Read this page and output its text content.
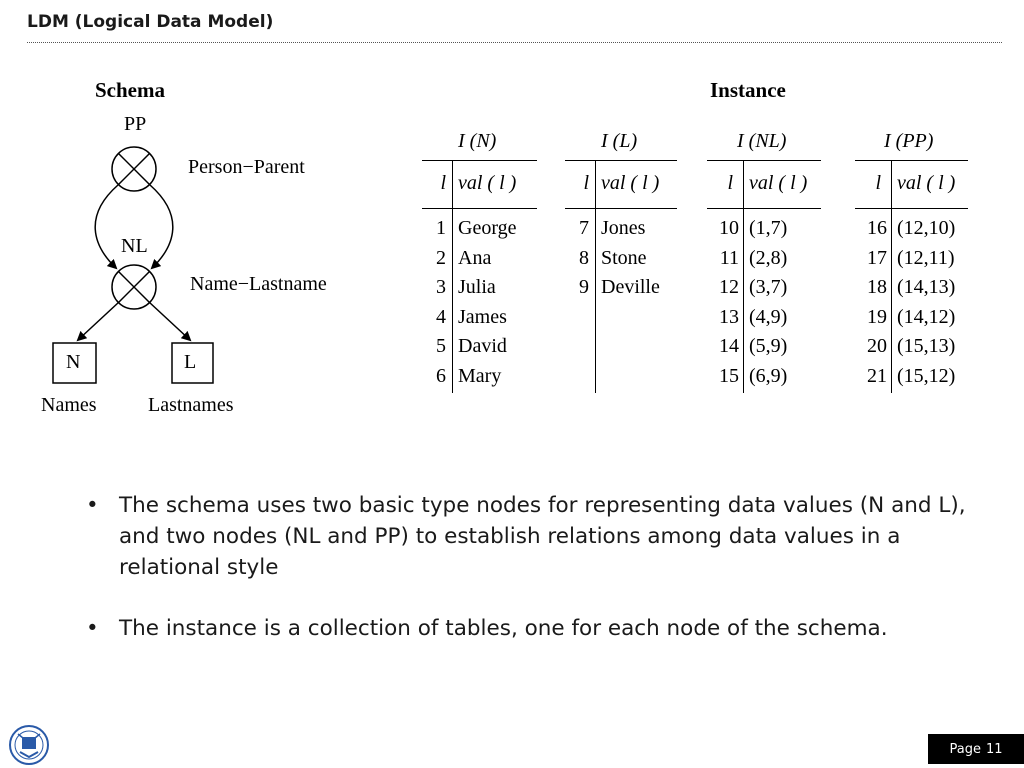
LDM (Logical Data Model)
Schema
PP
NL
N	L
Person−Parent
Name−Lastname
Names	Lastnames
Instance
I (N)
l val ( l )
1 George
2 Ana
3 Julia
4 James
5 David
6 Mary
I (L)
l val ( l )
7 Jones
8 Stone
9 Deville
I (NL)
l val ( l )
10 (1,7)
11 (2,8)
12 (3,7)
13 (4,9)
14 (5,9)
15 (6,9)
I (PP)
l val ( l )
16 (12,10)
17 (12,11)
18 (14,13)
19 (14,12)
20 (15,13)
21 (15,12)
• The schema uses two basic type nodes for representing data values (N and L), and two nodes (NL and PP) to establish relations among data values in a relational style
• The instance is a collection of tables, one for each node of the schema.
Page 11
